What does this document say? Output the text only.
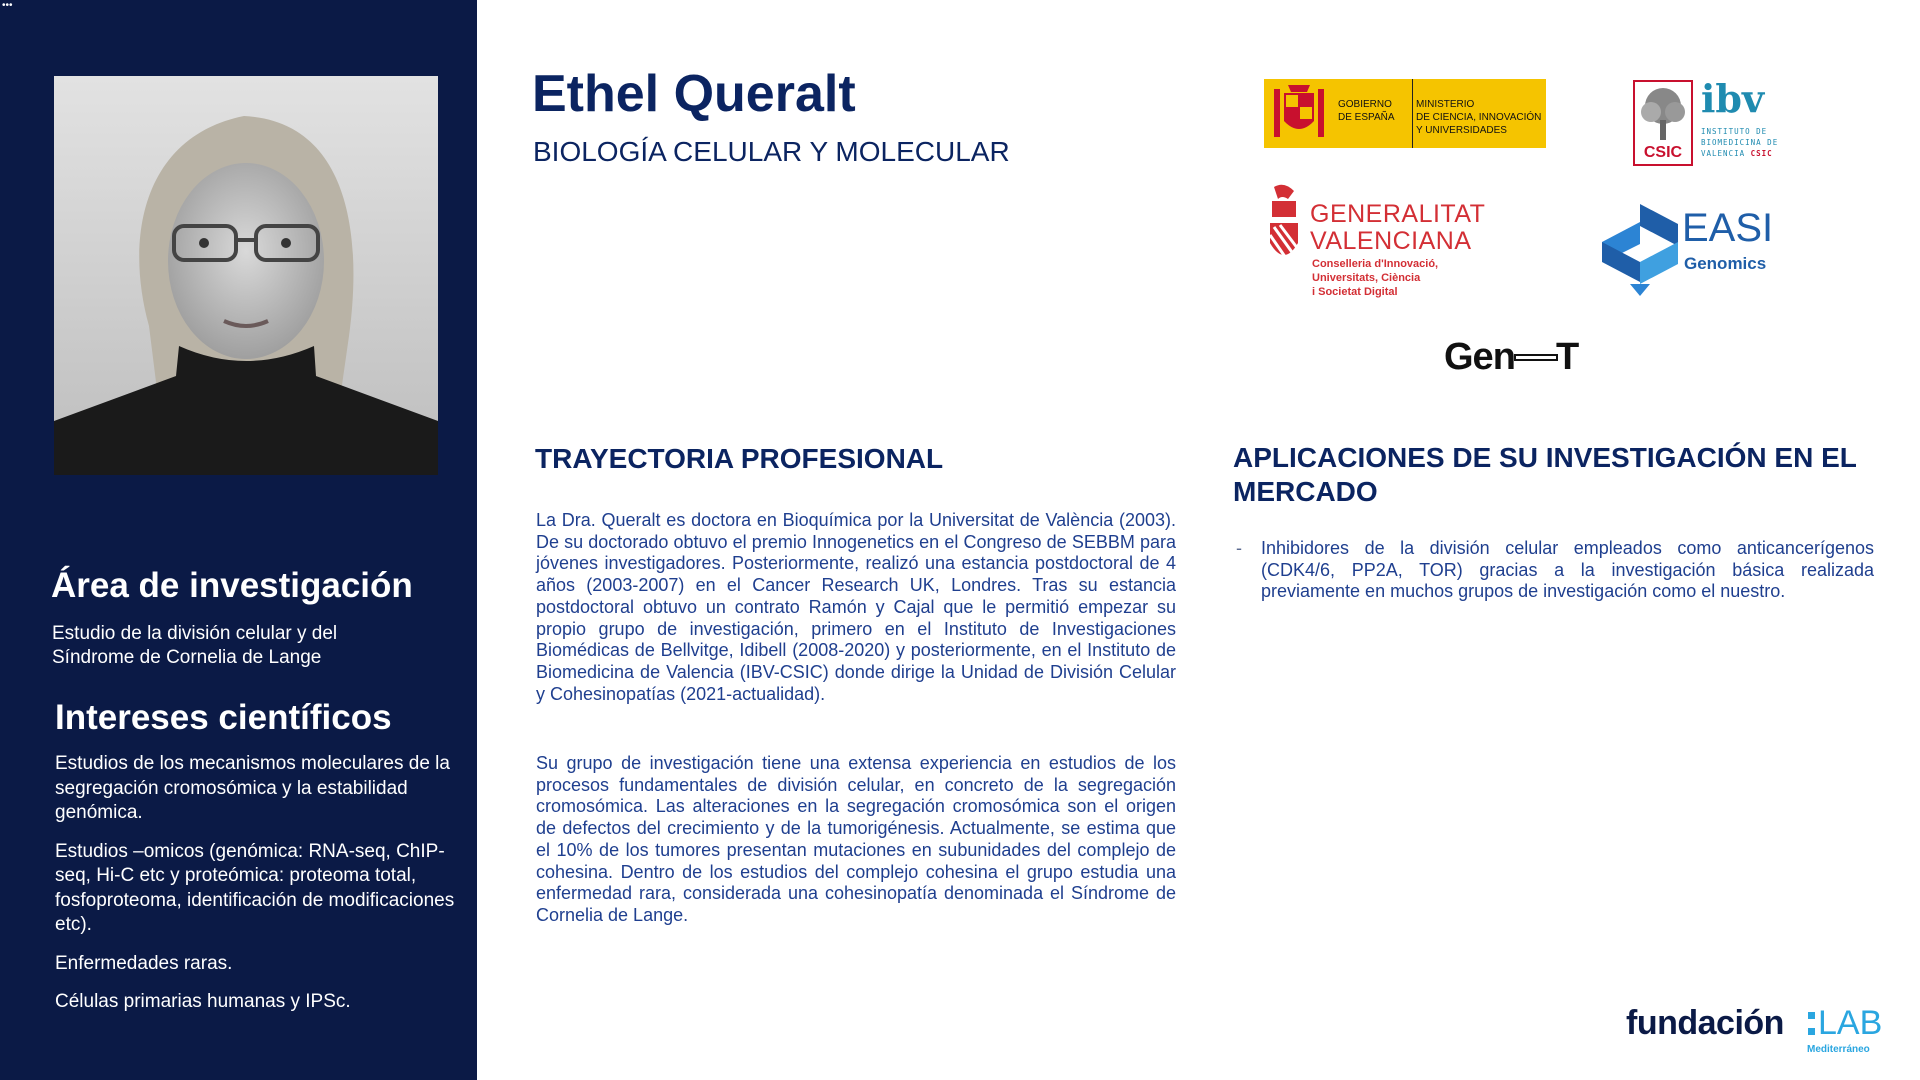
•••
Área de investigación

Estudio de la división celular y del Síndrome de Cornelia de Lange

Intereses científicos
Estudios de los mecanismos moleculares de la segregación cromosómica y la estabilidad genómica.
Estudios –omicos (genómica: RNA-seq, ChIP-seq, Hi-C etc y proteómica: proteoma total, fosfoproteoma, identificación de modificaciones etc).
Enfermedades raras.
Células primarias humanas y IPSc.
Ethel Queralt

BIOLOGÍA CELULAR Y MOLECULAR

GOBIERNO
DE ESPAÑA
MINISTERIO
DE CIENCIA, INNOVACIÓN
Y UNIVERSIDADES
CSIC
ibv
INSTITUTO DE
BIOMEDICINA DE
VALENCIA CSIC
GENERALITAT
VALENCIANA
Conselleria d'Innovació,
Universitats, Ciència
i Societat Digital
EASI
Genomics
Gen T
TRAYECTORIA PROFESIONAL

La Dra. Queralt es doctora en Bioquímica por la Universitat de València (2003). De su doctorado obtuvo el premio Innogenetics en el Congreso de SEBBM para jóvenes investigadores. Posteriormente, realizó una estancia postdoctoral de 4 años (2003-2007) en el Cancer Research UK, Londres. Tras su estancia postdoctoral obtuvo un contrato Ramón y Cajal que le permitió empezar su propio grupo de investigación, primero en el Instituto de Investigaciones Biomédicas de Bellvitge, Idibell (2008-2020) y posteriormente, en el Instituto de Biomedicina de Valencia (IBV-CSIC) donde dirige la Unidad de División Celular y Cohesinopatías (2021-actualidad).

Su grupo de investigación tiene una extensa experiencia en estudios de los procesos fundamentales de división celular, en concreto de la segregación cromosómica. Las alteraciones en la segregación cromosómica son el origen de defectos del crecimiento y de la tumorigénesis. Actualmente, se estima que el 10% de los tumores presentan mutaciones en subunidades del complejo de cohesina. Dentro de los estudios del complejo cohesina el grupo estudia una enfermedad rara, considerada una cohesinopatía denominada el Síndrome de Cornelia de Lange.

APLICACIONES DE SU INVESTIGACIÓN EN EL MERCADO
- Inhibidores de la división celular empleados como anticancerígenos (CDK4/6, PP2A, TOR) gracias a la investigación básica realizada previamente en muchos grupos de investigación como el nuestro.
fundación LAB
Mediterráneo
